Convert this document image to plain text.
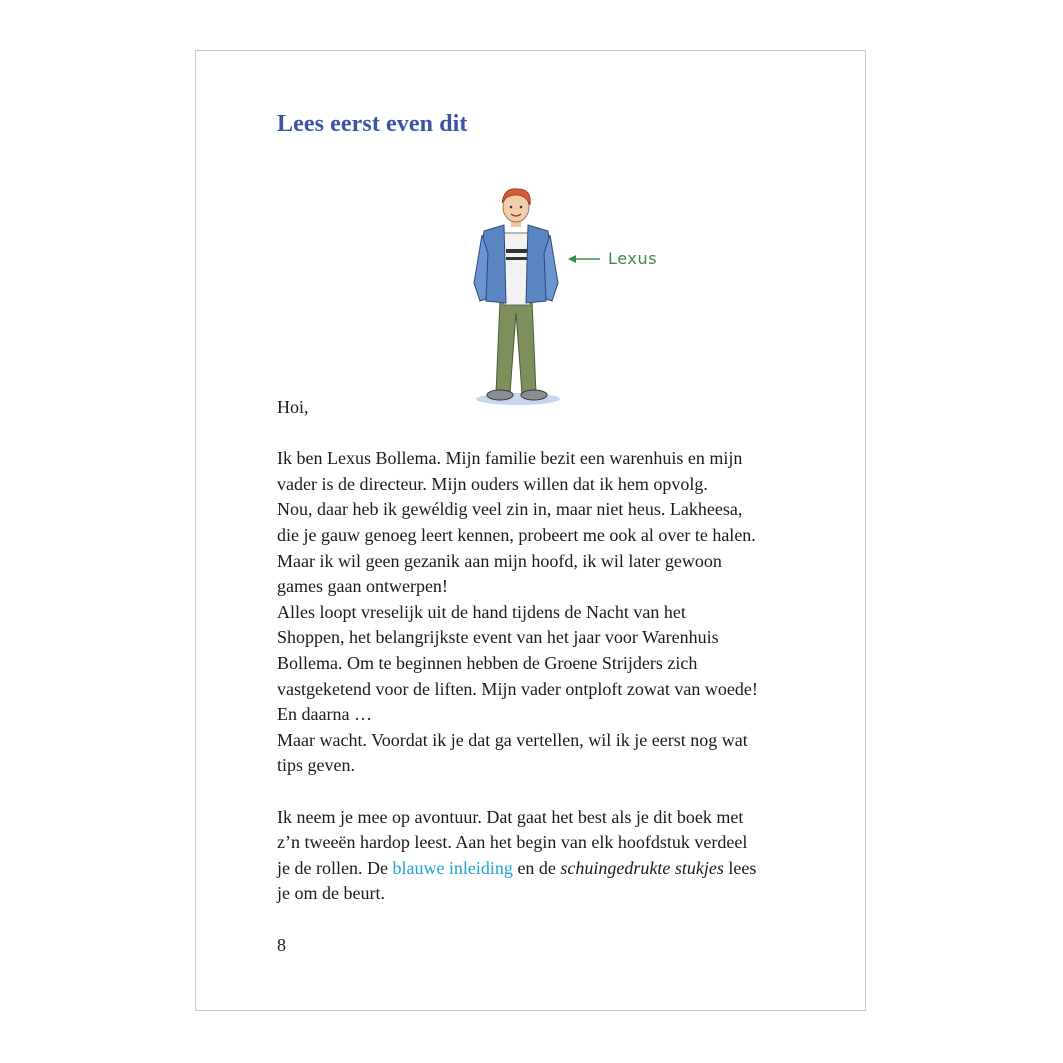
Lees eerst even dit
Lexus

Hoi,

Ik ben Lexus Bollema. Mijn familie bezit een warenhuis en mijn

vader is de directeur. Mijn ouders willen dat ik hem opvolg.

Nou, daar heb ik gewéldig veel zin in, maar niet heus. Lakheesa,

die je gauw genoeg leert kennen, probeert me ook al over te halen.

Maar ik wil geen gezanik aan mijn hoofd, ik wil later gewoon

games gaan ontwerpen!

Alles loopt vreselijk uit de hand tijdens de Nacht van het

Shoppen, het belangrijkste event van het jaar voor Warenhuis

Bollema. Om te beginnen hebben de Groene Strijders zich

vastgeketend voor de liften. Mijn vader ontploft zowat van woede!

En daarna …

Maar wacht. Voordat ik je dat ga vertellen, wil ik je eerst nog wat

tips geven.

Ik neem je mee op avontuur. Dat gaat het best als je dit boek met

z’n tweeën hardop leest. Aan het begin van elk hoofdstuk verdeel

je de rollen. De blauwe inleiding en de schuingedrukte stukjes lees

je om de beurt.

8
